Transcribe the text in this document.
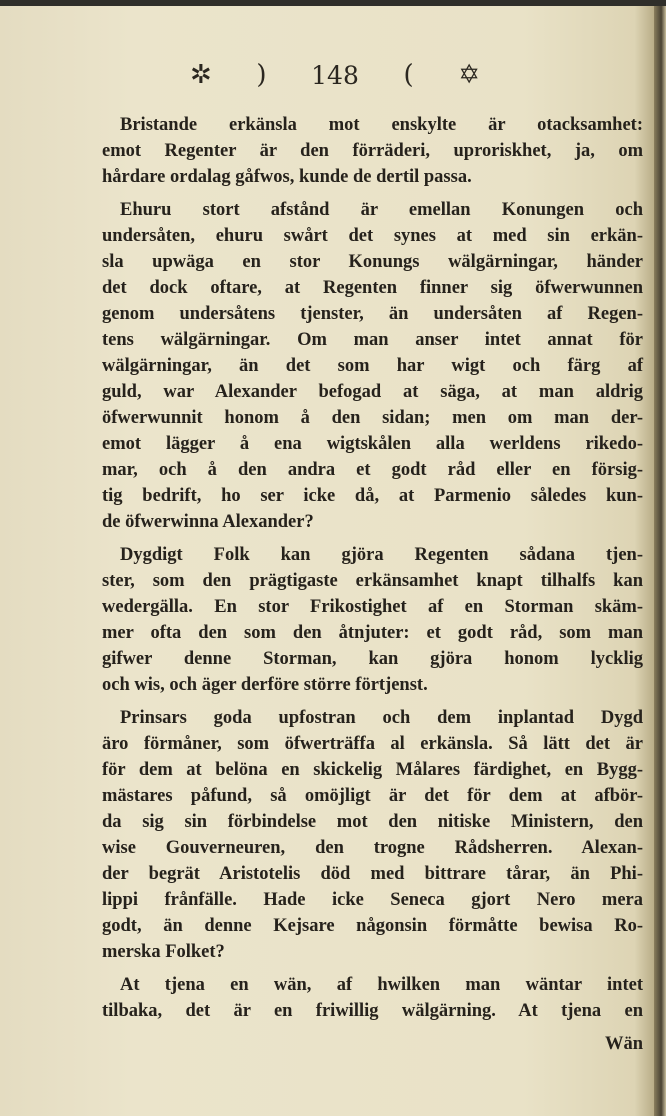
✲ ) 148 ( ✡
Bristande erkänsla mot enskylte är otacksamhet:
emot Regenter är den förräderi, uproriskhet, ja, om
hårdare ordalag gåfwos, kunde de dertil passa.
Ehuru stort afstånd är emellan Konungen och
undersåten, ehuru swårt det synes at med sin erkän-
sla upwäga en stor Konungs wälgärningar, händer
det dock oftare, at Regenten finner sig öfwerwunnen
genom undersåtens tjenster, än undersåten af Regen-
tens wälgärningar. Om man anser intet annat för
wälgärningar, än det som har wigt och färg af
guld, war Alexander befogad at säga, at man aldrig
öfwerwunnit honom å den sidan; men om man der-
emot lägger å ena wigtskålen alla werldens rikedo-
mar, och å den andra et godt råd eller en försig-
tig bedrift, ho ser icke då, at Parmenio således kun-
de öfwerwinna Alexander?
Dygdigt Folk kan gjöra Regenten sådana tjen-
ster, som den prägtigaste erkänsamhet knapt tilhalfs kan
wedergälla. En stor Frikostighet af en Storman skäm-
mer ofta den som den åtnjuter: et godt råd, som man
gifwer denne Storman, kan gjöra honom lycklig
och wis, och äger derföre större förtjenst.
Prinsars goda upfostran och dem inplantad Dygd
äro förmåner, som öfwerträffa al erkänsla. Så lätt det är
för dem at belöna en skickelig Målares färdighet, en Bygg-
mästares påfund, så omöjligt är det för dem at afbör-
da sig sin förbindelse mot den nitiske Ministern, den
wise Gouverneuren, den trogne Rådsherren. Alexan-
der begrät Aristotelis död med bittrare tårar, än Phi-
lippi frånfälle. Hade icke Seneca gjort Nero mera
godt, än denne Kejsare någonsin förmåtte bewisa Ro-
merska Folket?
At tjena en wän, af hwilken man wäntar intet
tilbaka, det är en friwillig wälgärning. At tjena en
Wän
